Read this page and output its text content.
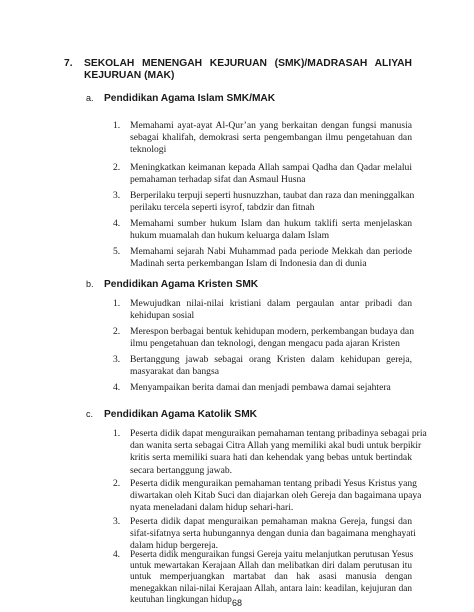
7.	SEKOLAH MENENGAH KEJURUAN (SMK)/MADRASAH ALIYAH
KEJURUAN (MAK)
a. Pendidikan Agama Islam SMK/MAK
1. Memahami ayat-ayat Al-Qur’an yang berkaitan dengan fungsi manusia
sebagai khalifah, demokrasi serta pengembangan ilmu pengetahuan dan
teknologi
2. Meningkatkan keimanan kepada Allah sampai Qadha dan Qadar melalui
pemahaman terhadap sifat dan Asmaul Husna
3. Berperilaku terpuji seperti husnuzzhan, taubat dan raza dan meninggalkan
perilaku tercela seperti isyrof, tabdzir dan fitnah
4. Memahami sumber hukum Islam dan hukum taklifi serta menjelaskan
hukum muamalah dan hukum keluarga dalam Islam
5. Memahami sejarah Nabi Muhammad pada periode Mekkah dan periode
Madinah serta perkembangan Islam di Indonesia dan di dunia
b. Pendidikan Agama Kristen SMK
1. Mewujudkan nilai-nilai kristiani dalam pergaulan antar pribadi dan
kehidupan sosial
2. Merespon berbagai bentuk kehidupan modern, perkembangan budaya dan
ilmu pengetahuan dan teknologi, dengan mengacu pada ajaran Kristen
3. Bertanggung jawab sebagai orang Kristen dalam kehidupan gereja,
masyarakat dan bangsa
4. Menyampaikan berita damai dan menjadi pembawa damai sejahtera
c. Pendidikan Agama Katolik SMK
1. Peserta didik dapat menguraikan pemahaman tentang pribadinya sebagai pria
dan wanita serta sebagai Citra Allah yang memiliki akal budi untuk berpikir
kritis serta memiliki suara hati dan kehendak yang bebas untuk bertindak
secara bertanggung jawab.
2. Peserta didik menguraikan pemahaman tentang pribadi Yesus Kristus yang
diwartakan oleh Kitab Suci dan diajarkan oleh Gereja dan bagaimana upaya
nyata meneladani dalam hidup sehari-hari.
3. Peserta didik dapat menguraikan pemahaman makna Gereja, fungsi dan
sifat-sifatnya serta hubungannya dengan dunia dan bagaimana menghayati
dalam hidup bergereja.
4. Peserta didik menguraikan fungsi Gereja yaitu melanjutkan perutusan Yesus
untuk mewartakan Kerajaan Allah dan melibatkan diri dalam perutusan itu
untuk memperjuangkan martabat dan hak asasi manusia dengan
menegakkan nilai-nilai Kerajaan Allah, antara lain: keadilan, kejujuran dan
keutuhan lingkungan hidup 68
